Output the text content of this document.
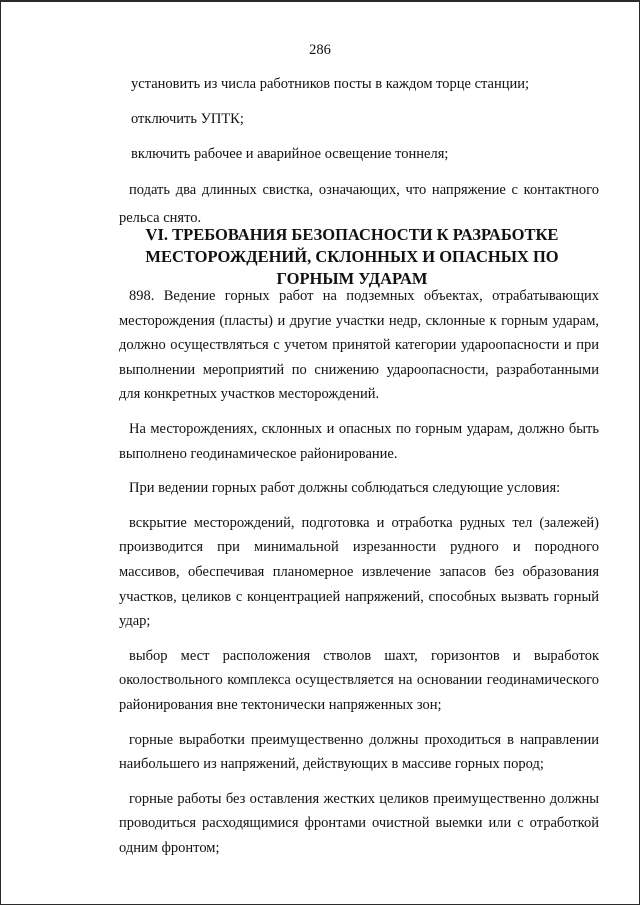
286

установить из числа работников посты в каждом торце станции;

отключить УПТК;

включить рабочее и аварийное освещение тоннеля;

подать два длинных свистка, означающих, что напряжение с контактного рельса снято.

VI. ТРЕБОВАНИЯ БЕЗОПАСНОСТИ К РАЗРАБОТКЕ МЕСТОРОЖДЕНИЙ, СКЛОННЫХ И ОПАСНЫХ ПО ГОРНЫМ УДАРАМ

898. Ведение горных работ на подземных объектах, отрабатывающих месторождения (пласты) и другие участки недр, склонные к горным ударам, должно осуществляться с учетом принятой категории удароопасности и при выполнении мероприятий по снижению удароопасности, разработанными для конкретных участков месторождений.

На месторождениях, склонных и опасных по горным ударам, должно быть выполнено геодинамическое районирование.

При ведении горных работ должны соблюдаться следующие условия:

вскрытие месторождений, подготовка и отработка рудных тел (залежей) производится при минимальной изрезанности рудного и породного массивов, обеспечивая планомерное извлечение запасов без образования участков, целиков с концентрацией напряжений, способных вызвать горный удар;

выбор мест расположения стволов шахт, горизонтов и выработок околоствольного комплекса осуществляется на основании геодинамического районирования вне тектонически напряженных зон;

горные выработки преимущественно должны проходиться в направлении наибольшего из напряжений, действующих в массиве горных пород;

горные работы без оставления жестких целиков преимущественно должны проводиться расходящимися фронтами очистной выемки или с отработкой одним фронтом;
